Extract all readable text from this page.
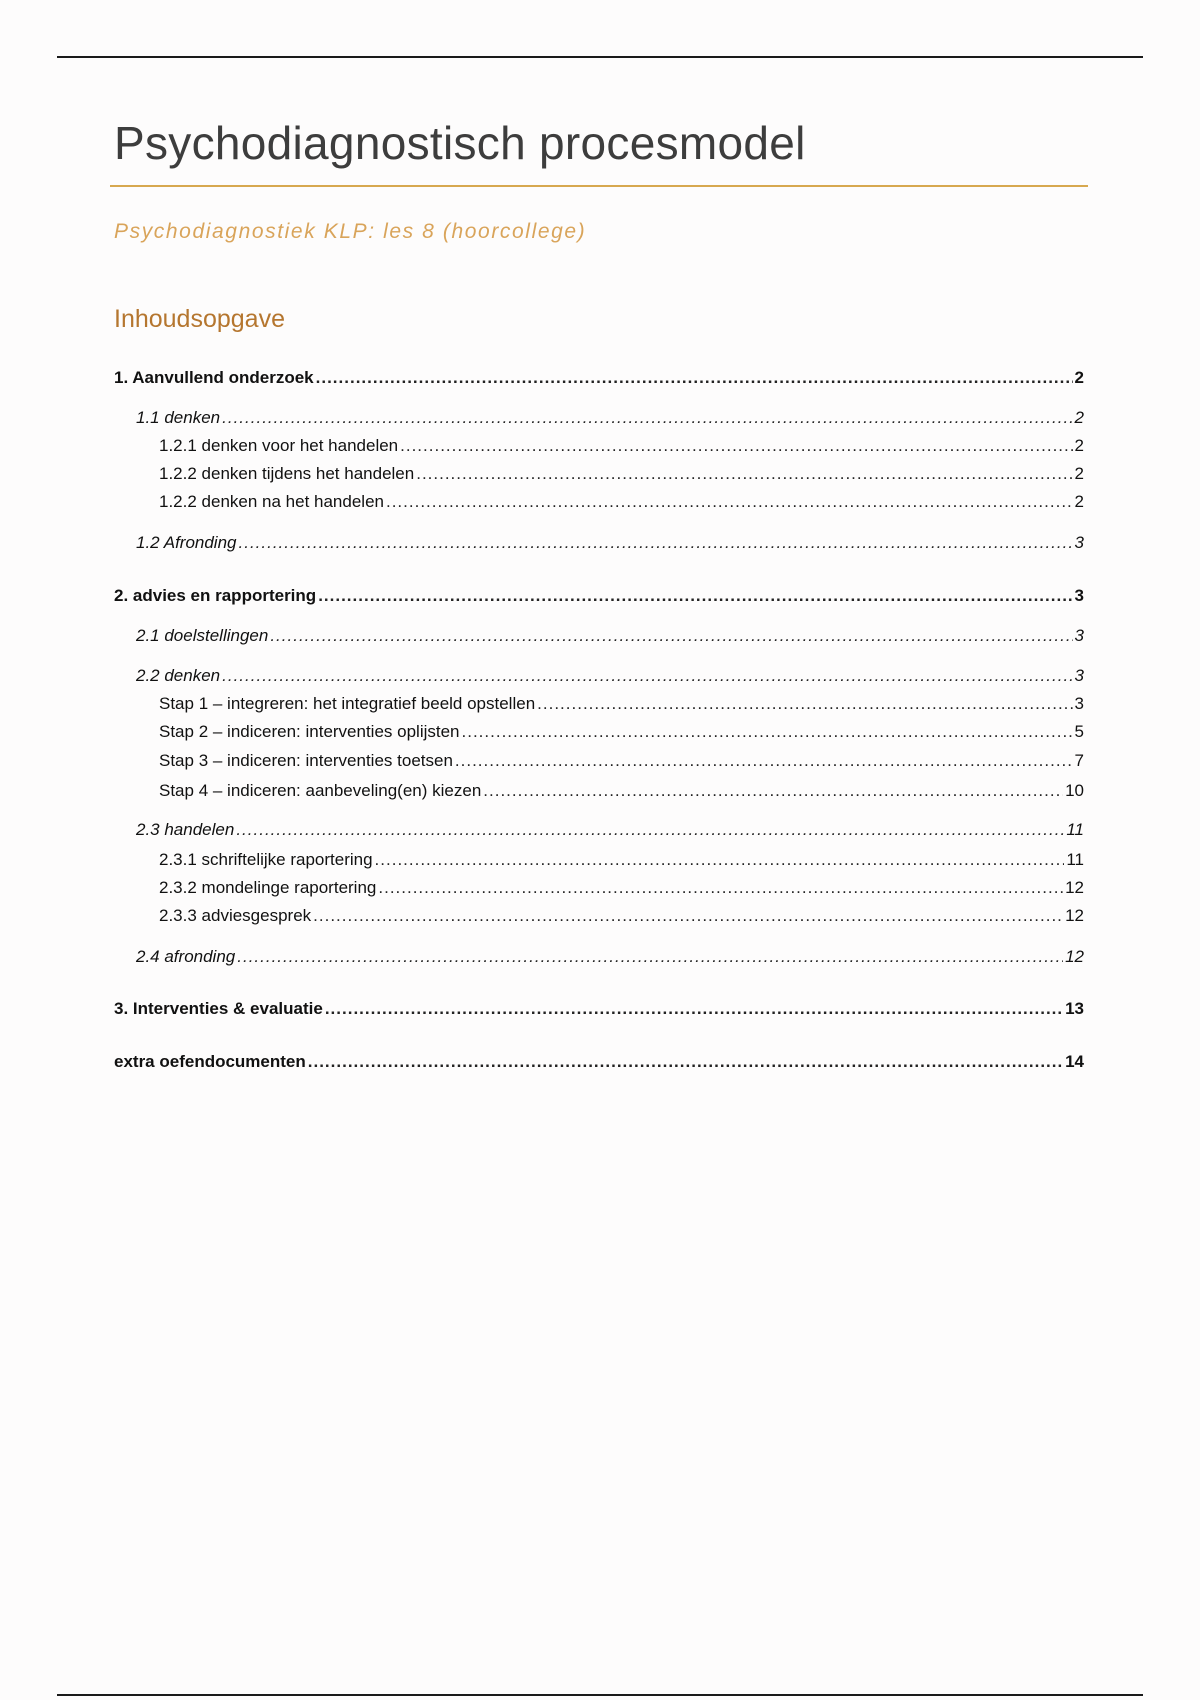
Psychodiagnostisch procesmodel

Psychodiagnostiek KLP: les 8 (hoorcollege)

Inhoudsopgave
1. Aanvullend onderzoek .....	2
1.1 denken .....	2
1.2.1 denken voor het handelen .....	2
1.2.2 denken tijdens het handelen .....	2
1.2.2 denken na het handelen .....	2
1.2 Afronding .....	3
2. advies en rapportering .....	3
2.1 doelstellingen .....	3
2.2 denken .....	3
Stap 1 – integreren: het integratief beeld opstellen .....	3
Stap 2 – indiceren: interventies oplijsten .....	5
Stap 3 – indiceren: interventies toetsen .....	7
Stap 4 – indiceren: aanbeveling(en) kiezen .....	10
2.3 handelen .....	11
2.3.1 schriftelijke raportering .....	11
2.3.2 mondelinge raportering .....	12
2.3.3 adviesgesprek .....	12
2.4 afronding .....	12
3. Interventies & evaluatie .....	13
extra oefendocumenten .....	14
